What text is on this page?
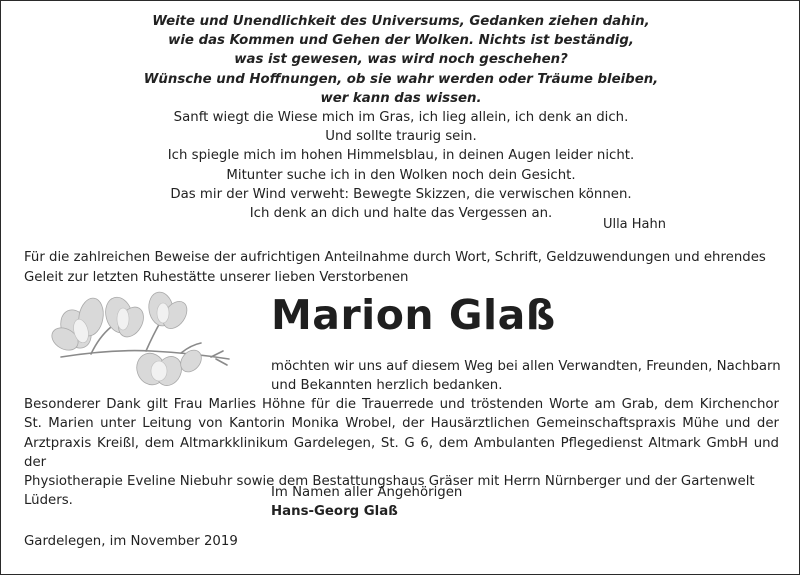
Weite und Unendlichkeit des Universums, Gedanken ziehen dahin,
wie das Kommen und Gehen der Wolken. Nichts ist beständig,
was ist gewesen, was wird noch geschehen?
Wünsche und Hoffnungen, ob sie wahr werden oder Träume bleiben,
wer kann das wissen.
Sanft wiegt die Wiese mich im Gras, ich lieg allein, ich denk an dich.
Und sollte traurig sein.
Ich spiegle mich im hohen Himmelsblau, in deinen Augen leider nicht.
Mitunter suche ich in den Wolken noch dein Gesicht.
Das mir der Wind verweht: Bewegte Skizzen, die verwischen können.
Ich denk an dich und halte das Vergessen an.
Ulla Hahn
Für die zahlreichen Beweise der aufrichtigen Anteilnahme durch Wort, Schrift, Geldzuwendungen und ehrendes
Geleit zur letzten Ruhestätte unserer lieben Verstorbenen
Marion Glaß
möchten wir uns auf diesem Weg bei allen Verwandten, Freunden, Nachbarn
und Bekannten herzlich bedanken.
Besonderer Dank gilt Frau Marlies Höhne für die Trauerrede und tröstenden Worte am Grab, dem Kirchenchor
St. Marien unter Leitung von Kantorin Monika Wrobel, der Hausärztlichen Gemeinschaftspraxis Mühe und der
Arztpraxis Kreißl, dem Altmarkklinikum Gardelegen, St. G 6, dem Ambulanten Pflegedienst Altmark GmbH und der
Physiotherapie Eveline Niebuhr sowie dem Bestattungshaus Gräser mit Herrn Nürnberger und der Gartenwelt Lüders.
Im Namen aller Angehörigen
Hans-Georg Glaß
Gardelegen, im November 2019
